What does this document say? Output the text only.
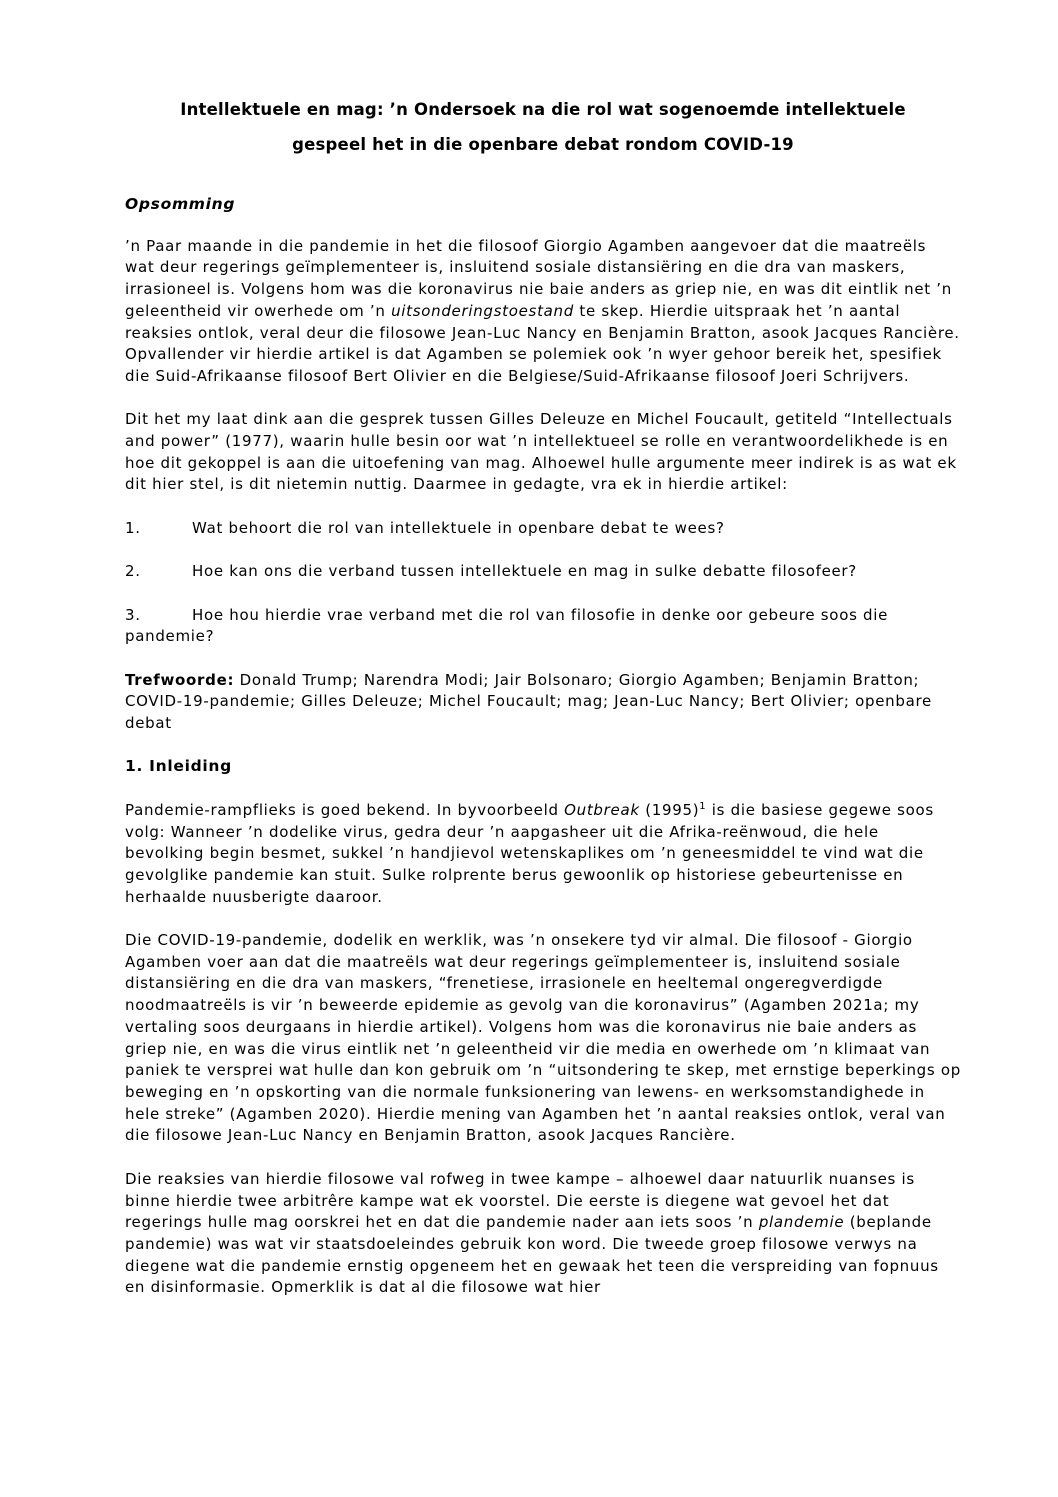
Intellektuele en mag: ’n Ondersoek na die rol wat sogenoemde intellektuele
gespeel het in die openbare debat rondom COVID-19
Opsomming

’n Paar maande in die pandemie in het die filosoof Giorgio Agamben aangevoer dat die maatreëls wat deur regerings geïmplementeer is, insluitend sosiale distansiëring en die dra van maskers, irrasioneel is. Volgens hom was die koronavirus nie baie anders as griep nie, en was dit eintlik net ’n geleentheid vir owerhede om ’n uitsonderingstoestand te skep. Hierdie uitspraak het ’n aantal reaksies ontlok, veral deur die filosowe Jean-Luc Nancy en Benjamin Bratton, asook Jacques Rancière. Opvallender vir hierdie artikel is dat Agamben se polemiek ook ’n wyer gehoor bereik het, spesifiek die Suid-Afrikaanse filosoof Bert Olivier en die Belgiese/Suid-Afrikaanse filosoof Joeri Schrijvers.

Dit het my laat dink aan die gesprek tussen Gilles Deleuze en Michel Foucault, getiteld “Intellectuals and power” (1977), waarin hulle besin oor wat ’n intellektueel se rolle en verantwoordelikhede is en hoe dit gekoppel is aan die uitoefening van mag. Alhoewel hulle argumente meer indirek is as wat ek dit hier stel, is dit nietemin nuttig. Daarmee in gedagte, vra ek in hierdie artikel:

1.	Wat behoort die rol van intellektuele in openbare debat te wees?

2.	Hoe kan ons die verband tussen intellektuele en mag in sulke debatte filosofeer?

3.	Hoe hou hierdie vrae verband met die rol van filosofie in denke oor gebeure soos die pandemie?

Trefwoorde: Donald Trump; Narendra Modi; Jair Bolsonaro; Giorgio Agamben; Benjamin Bratton; COVID-19-pandemie; Gilles Deleuze; Michel Foucault; mag; Jean-Luc Nancy; Bert Olivier; openbare debat

1. Inleiding

Pandemie-rampflieks is goed bekend. In byvoorbeeld Outbreak $(1995)^1$ is die basiese gegewe soos volg: Wanneer ’n dodelike virus, gedra deur ’n aapgasheer uit die Afrika-reënwoud, die hele bevolking begin besmet, sukkel ’n handjievol wetenskaplikes om ’n geneesmiddel te vind wat die gevolglike pandemie kan stuit. Sulke rolprente berus gewoonlik op historiese gebeurtenisse en herhaalde nuusberigte daaroor.

Die COVID-19-pandemie, dodelik en werklik, was ’n onsekere tyd vir almal. Die filosoof - Giorgio Agamben voer aan dat die maatreëls wat deur regerings geïmplementeer is, insluitend sosiale distansiëring en die dra van maskers, “frenetiese, irrasionele en heeltemal ongeregverdigde noodmaatreëls is vir ’n beweerde epidemie as gevolg van die koronavirus” (Agamben 2021a; my vertaling soos deurgaans in hierdie artikel). Volgens hom was die koronavirus nie baie anders as griep nie, en was die virus eintlik net ’n geleentheid vir die media en owerhede om ’n klimaat van paniek te versprei wat hulle dan kon gebruik om ’n “uitsondering te skep, met ernstige beperkings op beweging en ’n opskorting van die normale funksionering van lewens- en werksomstandighede in hele streke” (Agamben 2020). Hierdie mening van Agamben het ’n aantal reaksies ontlok, veral van die filosowe Jean-Luc Nancy en Benjamin Bratton, asook Jacques Rancière.

Die reaksies van hierdie filosowe val rofweg in twee kampe – alhoewel daar natuurlik nuanses is binne hierdie twee arbitrêre kampe wat ek voorstel. Die eerste is diegene wat gevoel het dat regerings hulle mag oorskrei het en dat die pandemie nader aan iets soos ’n plandemie (beplande pandemie) was wat vir staatsdoeleindes gebruik kon word. Die tweede groep filosowe verwys na diegene wat die pandemie ernstig opgeneem het en gewaak het teen die verspreiding van fopnuus en disinformasie. Opmerklik is dat al die filosowe wat hier
